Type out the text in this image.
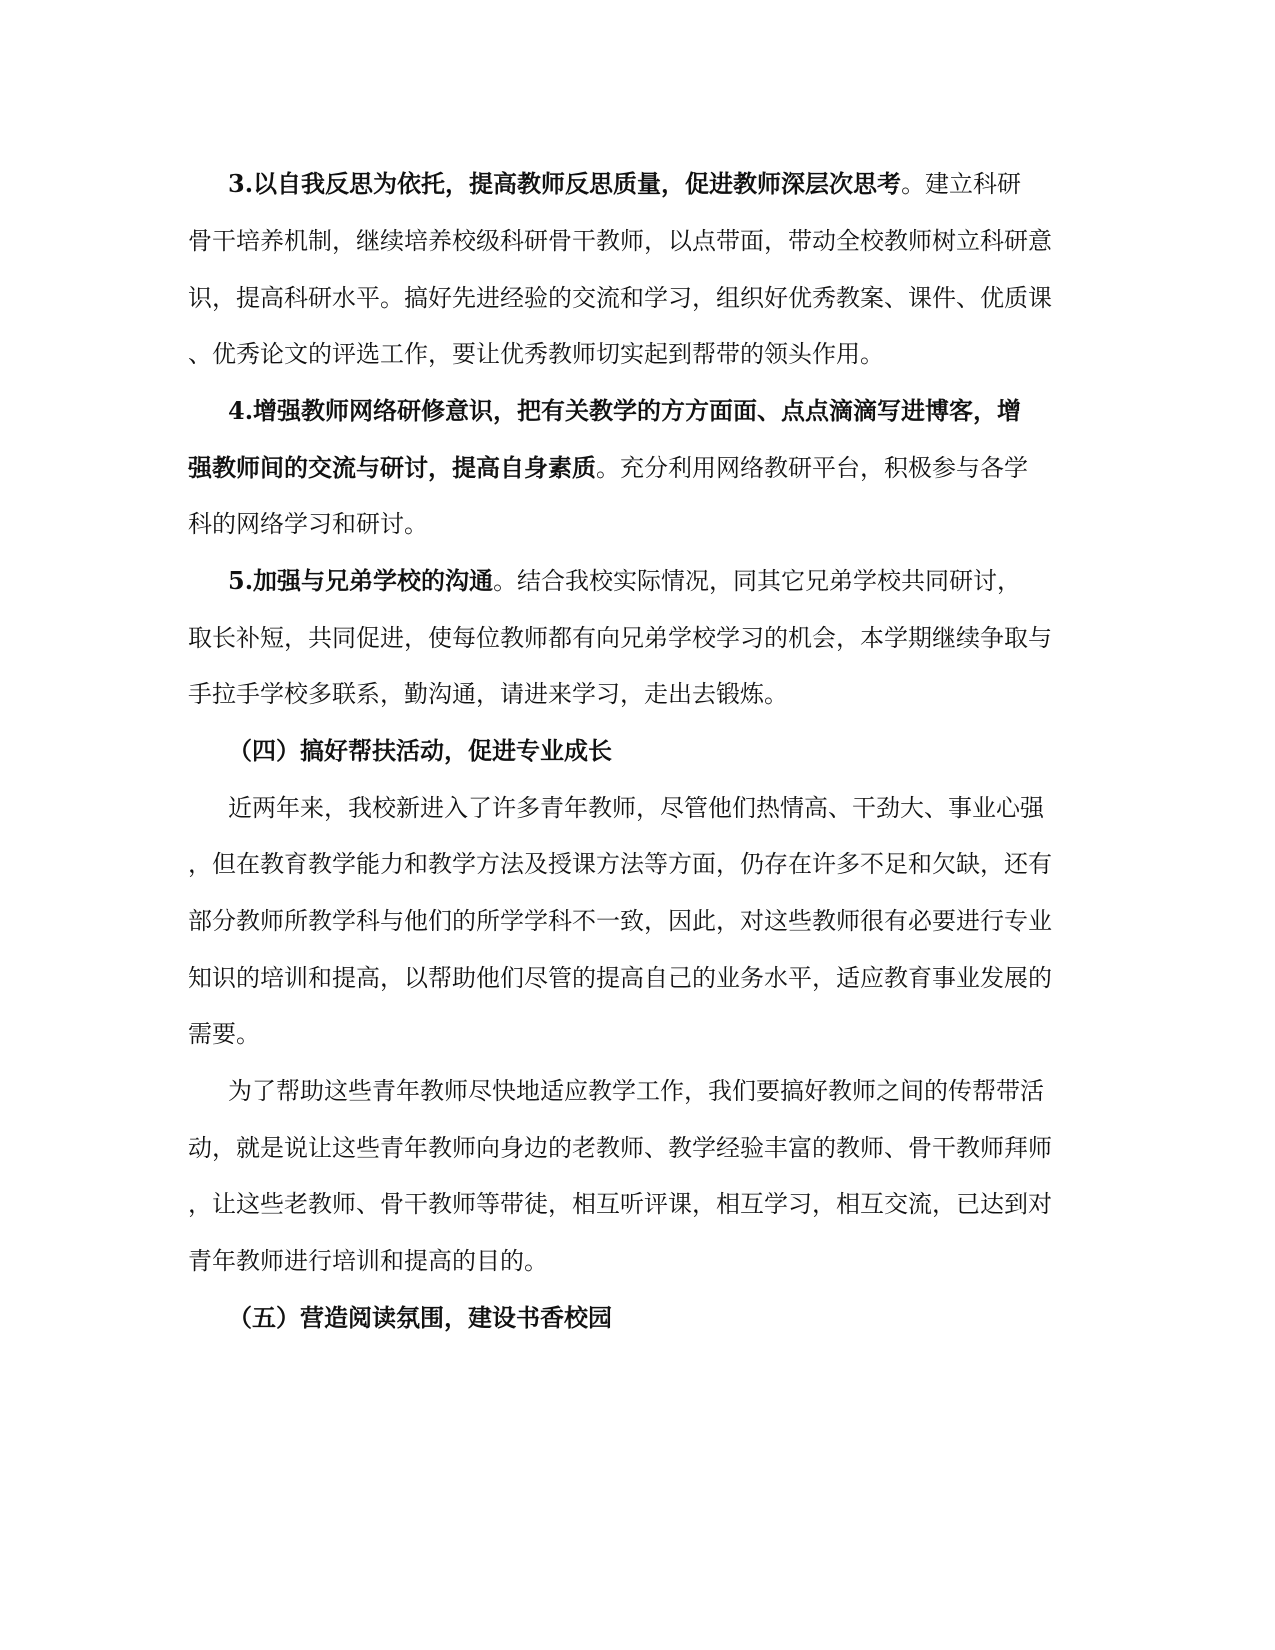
3.以自我反思为依托，提高教师反思质量，促进教师深层次思考。建立科研
骨干培养机制，继续培养校级科研骨干教师，以点带面，带动全校教师树立科研意
识，提高科研水平。搞好先进经验的交流和学习，组织好优秀教案、课件、优质课
、优秀论文的评选工作，要让优秀教师切实起到帮带的领头作用。
4.增强教师网络研修意识，把有关教学的方方面面、点点滴滴写进博客，增
强教师间的交流与研讨，提高自身素质。充分利用网络教研平台，积极参与各学
科的网络学习和研讨。
5.加强与兄弟学校的沟通。结合我校实际情况，同其它兄弟学校共同研讨，
取长补短，共同促进，使每位教师都有向兄弟学校学习的机会，本学期继续争取与
手拉手学校多联系，勤沟通，请进来学习，走出去锻炼。
（四）搞好帮扶活动，促进专业成长
近两年来，我校新进入了许多青年教师，尽管他们热情高、干劲大、事业心强
，但在教育教学能力和教学方法及授课方法等方面，仍存在许多不足和欠缺，还有
部分教师所教学科与他们的所学学科不一致，因此，对这些教师很有必要进行专业
知识的培训和提高，以帮助他们尽管的提高自己的业务水平，适应教育事业发展的
需要。
为了帮助这些青年教师尽快地适应教学工作，我们要搞好教师之间的传帮带活
动，就是说让这些青年教师向身边的老教师、教学经验丰富的教师、骨干教师拜师
，让这些老教师、骨干教师等带徒，相互听评课，相互学习，相互交流，已达到对
青年教师进行培训和提高的目的。
（五）营造阅读氛围，建设书香校园
